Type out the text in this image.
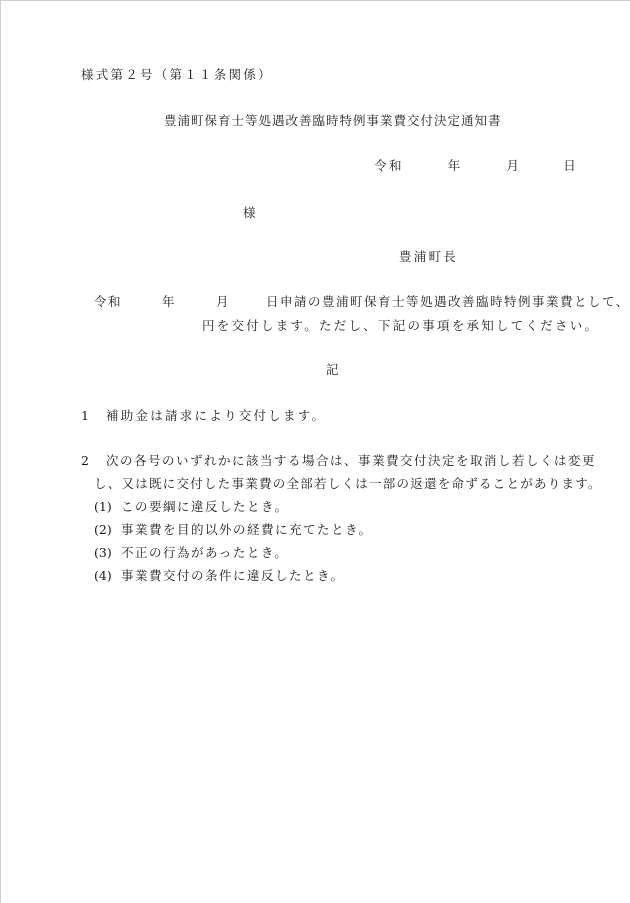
様式第２号（第１１条関係）
豊浦町保育士等処遇改善臨時特例事業費交付決定通知書
令和	年	月	日
様
豊浦町長
令和	年	月	日申請の豊浦町保育士等処遇改善臨時特例事業費として、
円を交付します。ただし、下記の事項を承知してください。
記
1 補助金は請求により交付します。
2 次の各号のいずれかに該当する場合は、事業費交付決定を取消し若しくは変更
し、又は既に交付した事業費の全部若しくは一部の返還を命ずることがあります。
(1) この要綱に違反したとき。
(2) 事業費を目的以外の経費に充てたとき。
(3) 不正の行為があったとき。
(4) 事業費交付の条件に違反したとき。
